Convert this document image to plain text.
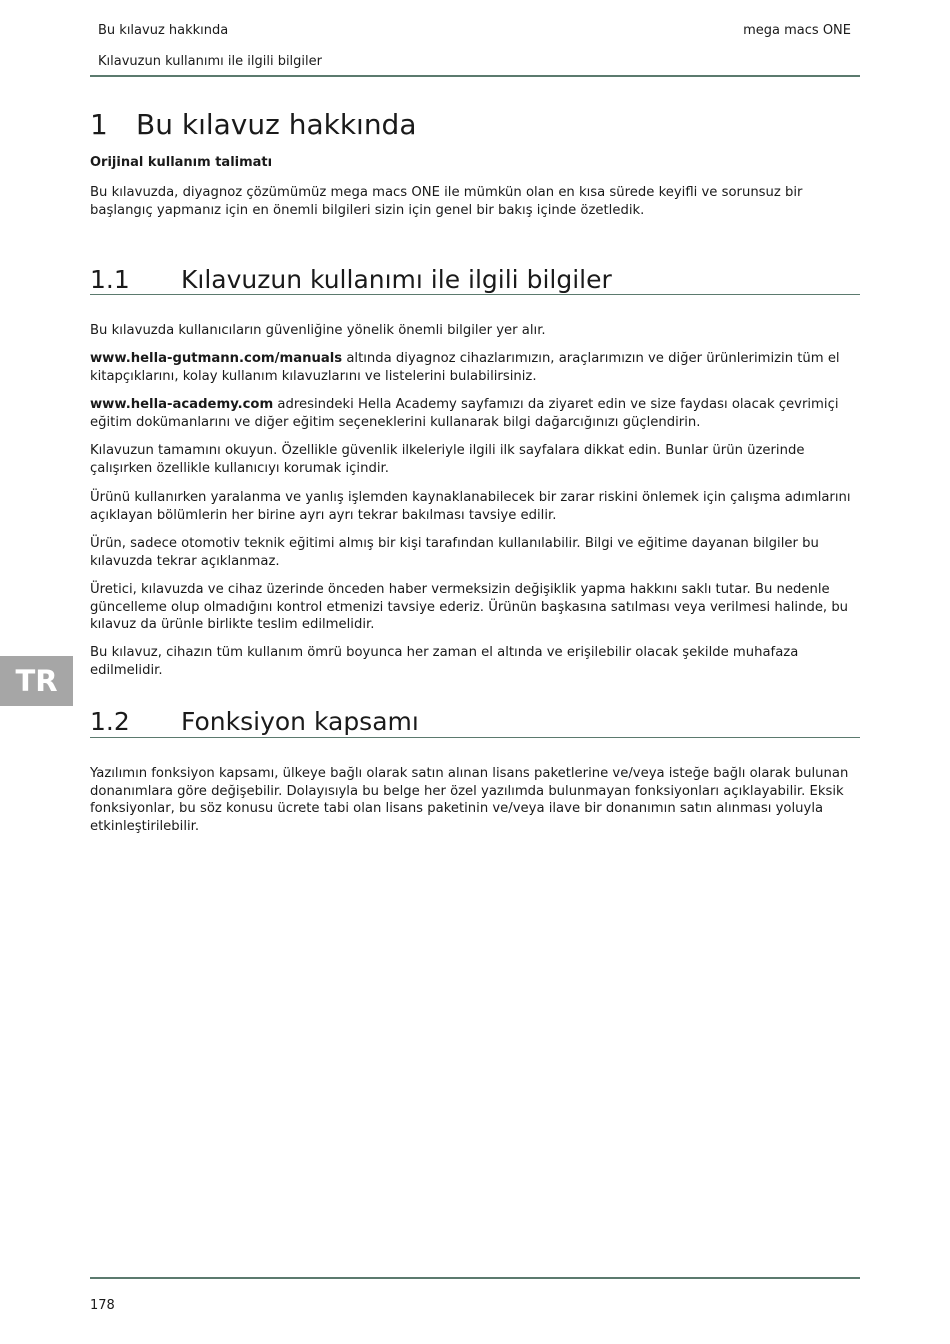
Bu kılavuz hakkında	mega macs ONE
Kılavuzun kullanımı ile ilgili bilgiler
1	Bu kılavuz hakkında

Orijinal kullanım talimatı

Bu kılavuzda, diyagnoz çözümümüz mega macs ONE ile mümkün olan en kısa sürede keyifli ve sorunsuz bir başlangıç yapmanız için en önemli bilgileri sizin için genel bir bakış içinde özetledik.

1.1	Kılavuzun kullanımı ile ilgili bilgiler

Bu kılavuzda kullanıcıların güvenliğine yönelik önemli bilgiler yer alır.

www.hella-gutmann.com/manuals altında diyagnoz cihazlarımızın, araçlarımızın ve diğer ürünlerimizin tüm el kitapçıklarını, kolay kullanım kılavuzlarını ve listelerini bulabilirsiniz.

www.hella-academy.com adresindeki Hella Academy sayfamızı da ziyaret edin ve size faydası olacak çevrimiçi eğitim dokümanlarını ve diğer eğitim seçeneklerini kullanarak bilgi dağarcığınızı güçlendirin.

Kılavuzun tamamını okuyun. Özellikle güvenlik ilkeleriyle ilgili ilk sayfalara dikkat edin. Bunlar ürün üzerinde çalışırken özellikle kullanıcıyı korumak içindir.

Ürünü kullanırken yaralanma ve yanlış işlemden kaynaklanabilecek bir zarar riskini önlemek için çalışma adımlarını açıklayan bölümlerin her birine ayrı ayrı tekrar bakılması tavsiye edilir.

Ürün, sadece otomotiv teknik eğitimi almış bir kişi tarafından kullanılabilir. Bilgi ve eğitime dayanan bilgiler bu kılavuzda tekrar açıklanmaz.

Üretici, kılavuzda ve cihaz üzerinde önceden haber vermeksizin değişiklik yapma hakkını saklı tutar. Bu nedenle güncelleme olup olmadığını kontrol etmenizi tavsiye ederiz. Ürünün başkasına satılması veya verilmesi halinde, bu kılavuz da ürünle birlikte teslim edilmelidir.

Bu kılavuz, cihazın tüm kullanım ömrü boyunca her zaman el altında ve erişilebilir olacak şekilde muhafaza edilmelidir.

TR
1.2	Fonksiyon kapsamı

Yazılımın fonksiyon kapsamı, ülkeye bağlı olarak satın alınan lisans paketlerine ve/veya isteğe bağlı olarak bulunan donanımlara göre değişebilir. Dolayısıyla bu belge her özel yazılımda bulunmayan fonksiyonları açıklayabilir. Eksik fonksiyonlar, bu söz konusu ücrete tabi olan lisans paketinin ve/veya ilave bir donanımın satın alınması yoluyla etkinleştirilebilir.

178
